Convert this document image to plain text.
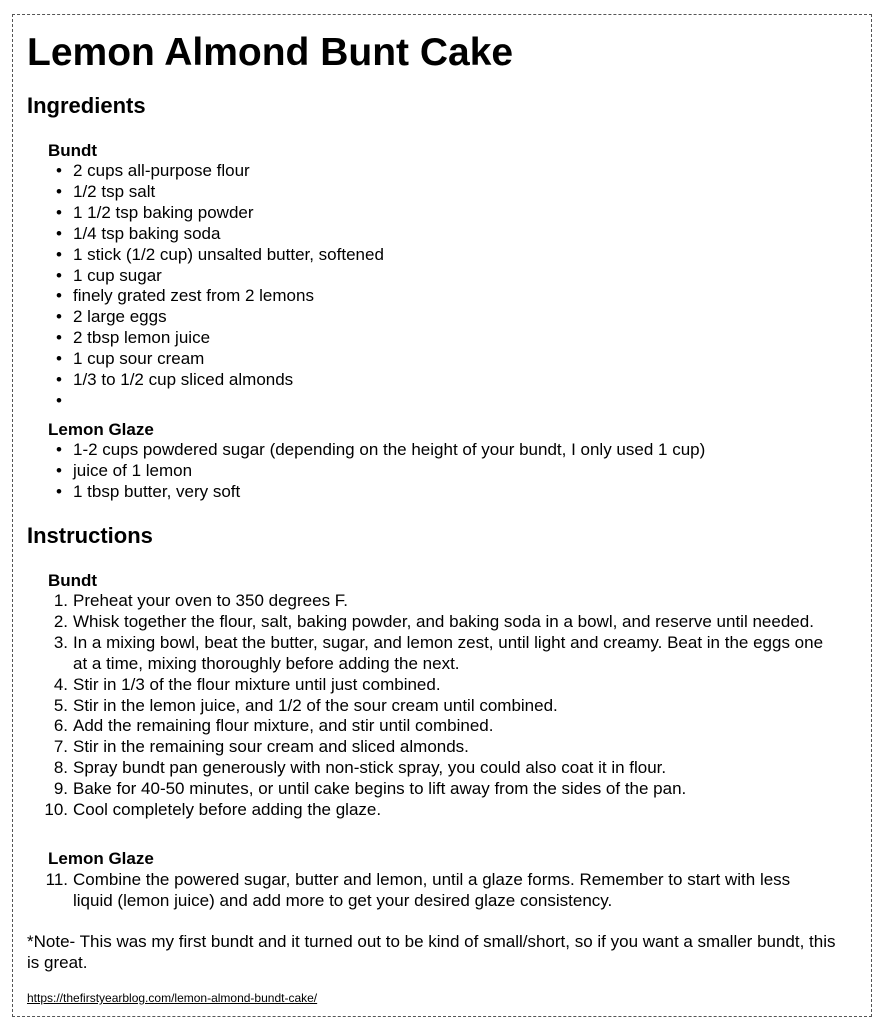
Lemon Almond Bunt Cake
Ingredients
Bundt
• 2 cups all-purpose flour
• 1/2 tsp salt
• 1 1/2 tsp baking powder
• 1/4 tsp baking soda
• 1 stick (1/2 cup) unsalted butter, softened
• 1 cup sugar
• finely grated zest from 2 lemons
• 2 large eggs
• 2 tbsp lemon juice
• 1 cup sour cream
• 1/3 to 1/2 cup sliced almonds
•
Lemon Glaze
• 1-2 cups powdered sugar (depending on the height of your bundt, I only used 1 cup)
• juice of 1 lemon
• 1 tbsp butter, very soft
Instructions
Bundt
1. Preheat your oven to 350 degrees F.
2. Whisk together the flour, salt, baking powder, and baking soda in a bowl, and reserve until needed.
3. In a mixing bowl, beat the butter, sugar, and lemon zest, until light and creamy. Beat in the eggs one at a time, mixing thoroughly before adding the next.
4. Stir in 1/3 of the flour mixture until just combined.
5. Stir in the lemon juice, and 1/2 of the sour cream until combined.
6. Add the remaining flour mixture, and stir until combined.
7. Stir in the remaining sour cream and sliced almonds.
8. Spray bundt pan generously with non-stick spray, you could also coat it in flour.
9. Bake for 40-50 minutes, or until cake begins to lift away from the sides of the pan.
10. Cool completely before adding the glaze.
Lemon Glaze
11. Combine the powered sugar, butter and lemon, until a glaze forms. Remember to start with less liquid (lemon juice) and add more to get your desired glaze consistency.

*Note- This was my first bundt and it turned out to be kind of small/short, so if you want a smaller bundt, this is great.

https://thefirstyearblog.com/lemon-almond-bundt-cake/
